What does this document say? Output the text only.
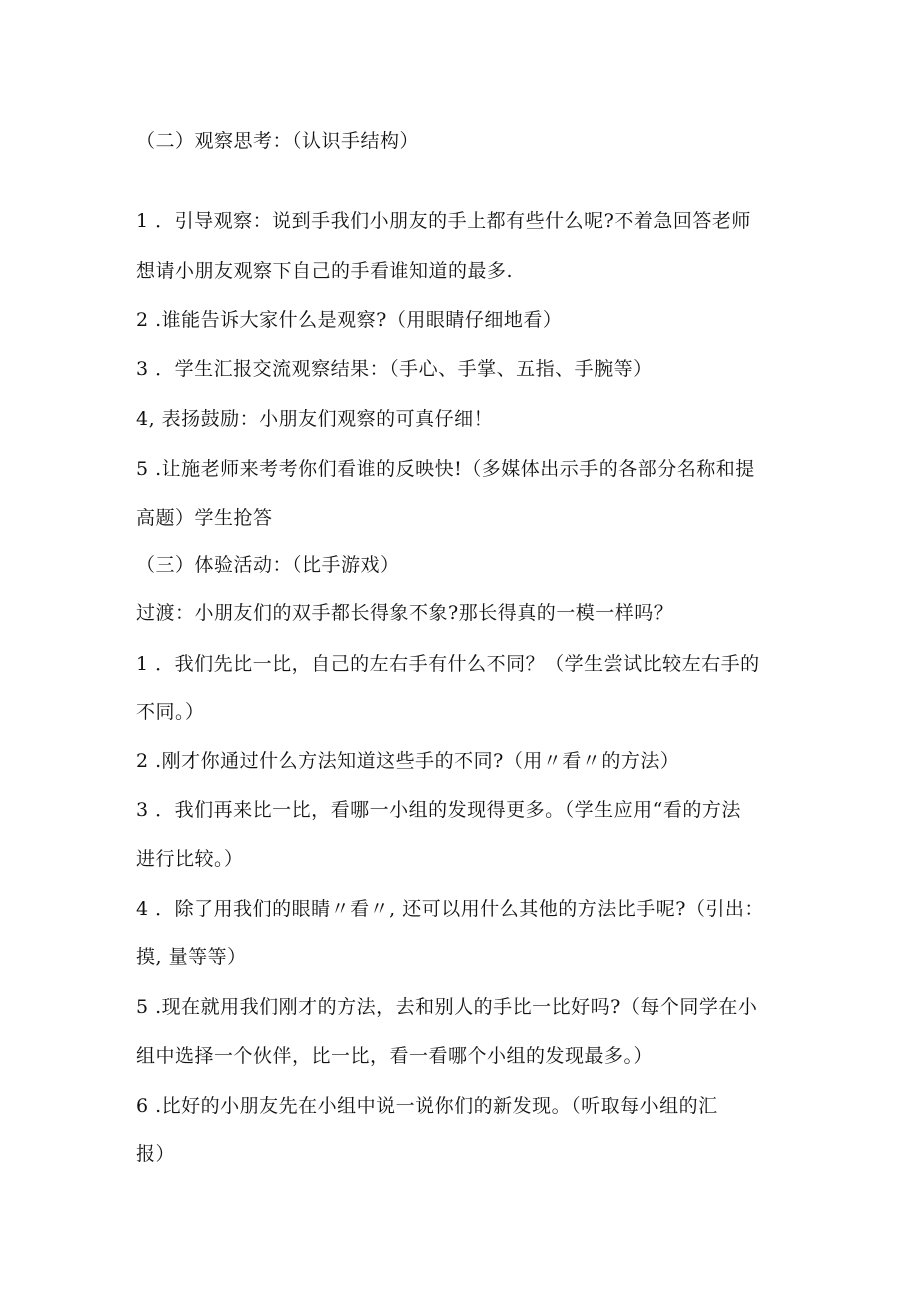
（二）观察思考：（认识手结构）
1 ．引导观察：说到手我们小朋友的手上都有些什么呢?不着急回答老师
想请小朋友观察下自己的手看谁知道的最多.
2 .谁能告诉大家什么是观察?（用眼睛仔细地看）
3 ．学生汇报交流观察结果：（手心、手掌、五指、手腕等）
4, 表扬鼓励：小朋友们观察的可真仔细！
5 .让施老师来考考你们看谁的反映快!（多媒体出示手的各部分名称和提
高题）学生抢答
（三）体验活动：（比手游戏）
过渡：小朋友们的双手都长得象不象?那长得真的一模一样吗？
1 ．我们先比一比，自己的左右手有什么不同？（学生尝试比较左右手的
不同。）
2 .刚才你通过什么方法知道这些手的不同?（用〃看〃的方法）
3 ．我们再来比一比，看哪一小组的发现得更多。（学生应用“看的方法
进行比较。）
4 ．除了用我们的眼睛〃看〃, 还可以用什么其他的方法比手呢?（引出：
摸, 量等等）
5 .现在就用我们刚才的方法，去和别人的手比一比好吗?（每个同学在小
组中选择一个伙伴，比一比，看一看哪个小组的发现最多。）
6 .比好的小朋友先在小组中说一说你们的新发现。（听取每小组的汇
报）
